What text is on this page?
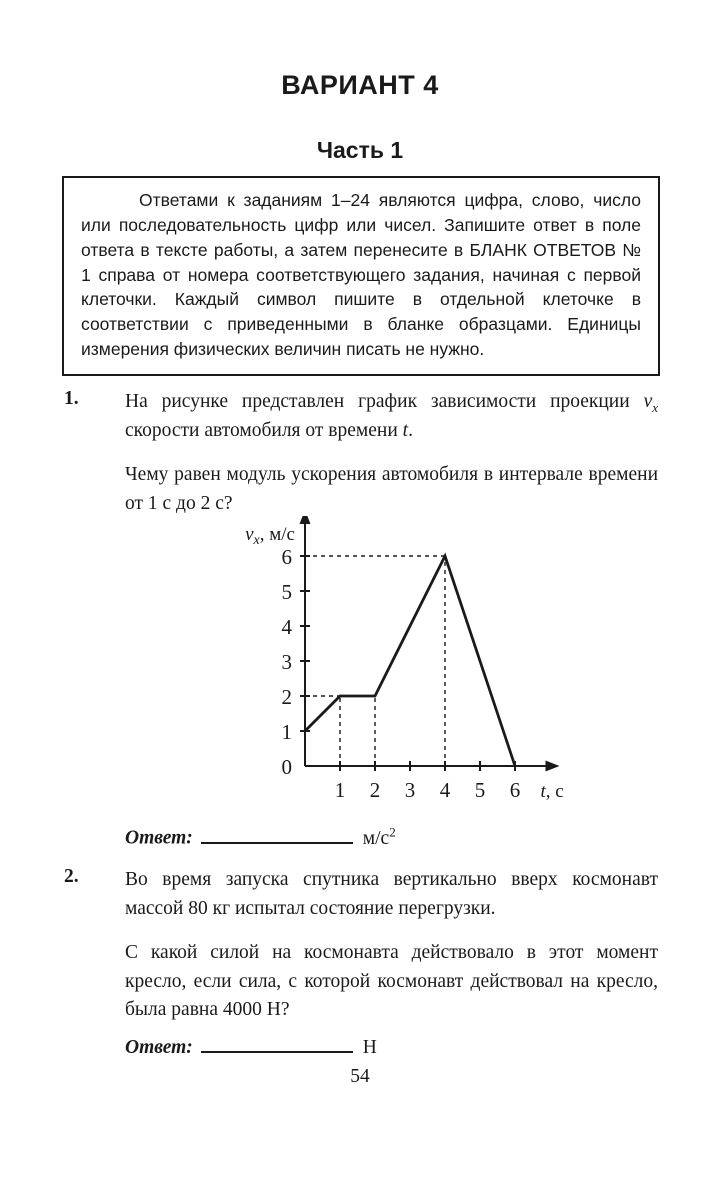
ВАРИАНТ 4
Часть 1

Ответами к заданиям 1–24 являются цифра, слово, число или последовательность цифр или чисел. Запишите ответ в поле ответа в тексте работы, а затем перенесите в БЛАНК ОТВЕТОВ № 1 справа от номера соответствующего задания, начиная с первой клеточки. Каждый символ пишите в отдельной клеточке в соответствии с приведенными в бланке образцами. Единицы измерения физических величин писать не нужно.

1. На рисунке представлен график зависимости проекции $v_x$ скорости автомобиля от времени t.

Чему равен модуль ускорения автомобиля в интервале времени от 1 с до 2 с?

1 2 3 4 5 6
1
2
3
4
5
6
0
$v_x$, м/с
t, с
Ответ:	$м/с^2$
2. Во время запуска спутника вертикально вверх космонавт массой 80 кг испытал состояние перегрузки.

С какой силой на космонавта действовало в этот момент кресло, если сила, с которой космонавт действовал на кресло, была равна 4000 Н?

Ответ:	Н
54
